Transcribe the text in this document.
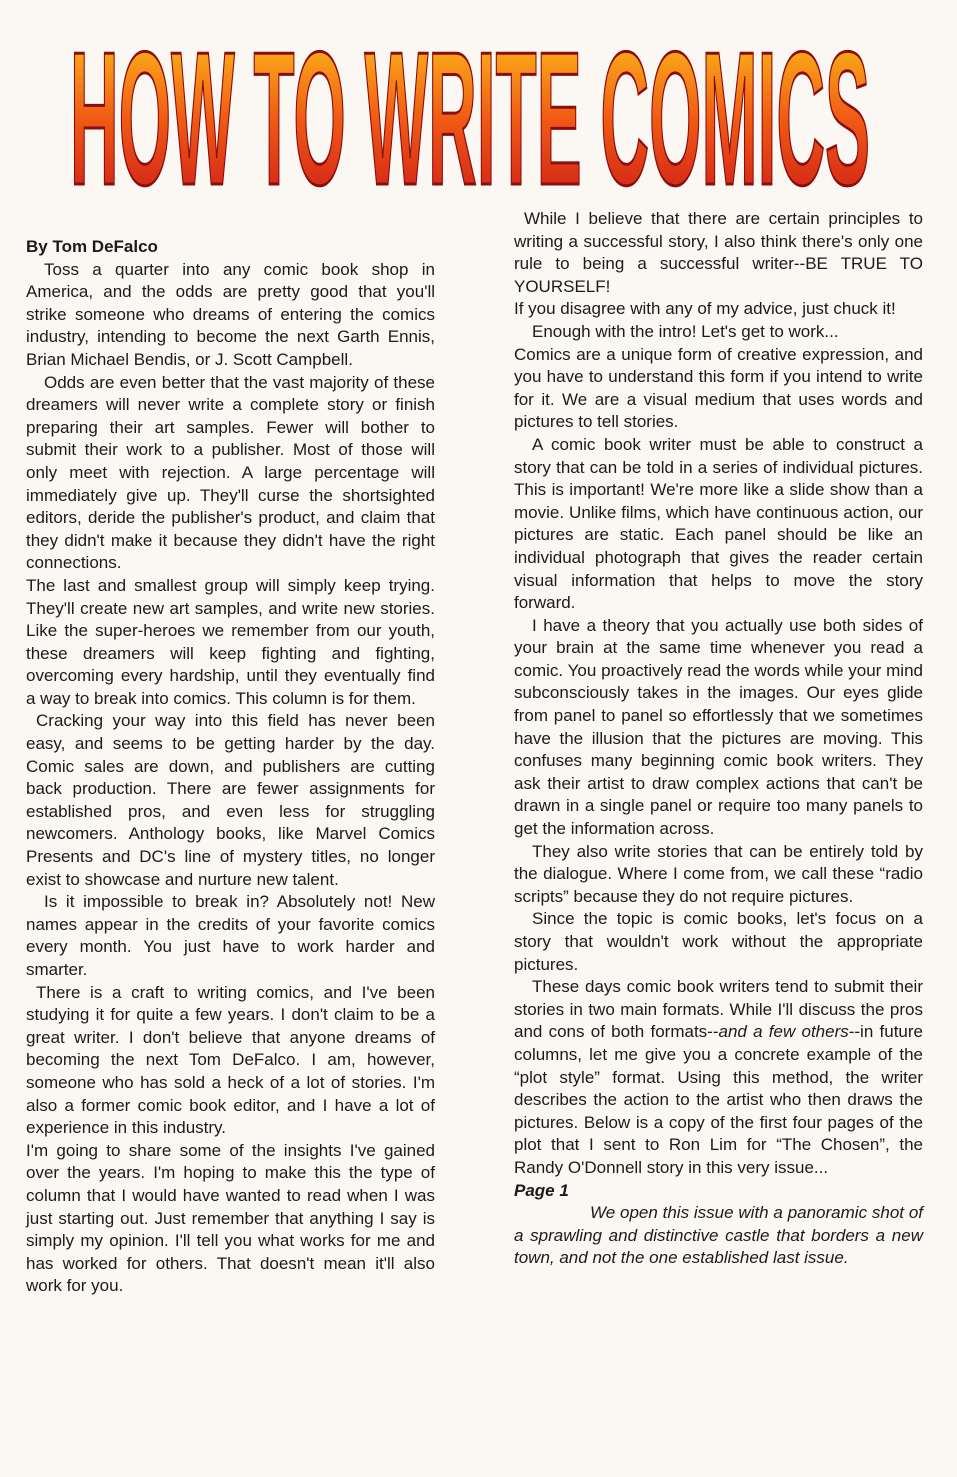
HOW TO WRITE COMICS

By Tom DeFalco

Toss a quarter into any comic book shop in America, and the odds are pretty good that you'll strike someone who dreams of entering the comics industry, intending to become the next Garth Ennis, Brian Michael Bendis, or J. Scott Campbell.

Odds are even better that the vast majority of these dreamers will never write a complete story or finish preparing their art samples. Fewer will bother to submit their work to a publisher. Most of those will only meet with rejection. A large percentage will immediately give up. They'll curse the shortsighted editors, deride the publisher's product, and claim that they didn't make it because they didn't have the right connections.

The last and smallest group will simply keep trying. They'll create new art samples, and write new stories. Like the super-heroes we remember from our youth, these dreamers will keep fighting and fighting, overcoming every hardship, until they eventually find a way to break into comics. This column is for them.

Cracking your way into this field has never been easy, and seems to be getting harder by the day. Comic sales are down, and publishers are cutting back production. There are fewer assignments for established pros, and even less for struggling newcomers. Anthology books, like Marvel Comics Presents and DC's line of mystery titles, no longer exist to showcase and nurture new talent.

Is it impossible to break in? Absolutely not! New names appear in the credits of your favorite comics every month. You just have to work harder and smarter.

There is a craft to writing comics, and I've been studying it for quite a few years. I don't claim to be a great writer. I don't believe that anyone dreams of becoming the next Tom DeFalco. I am, however, someone who has sold a heck of a lot of stories. I'm also a former comic book editor, and I have a lot of experience in this industry.

I'm going to share some of the insights I've gained over the years. I'm hoping to make this the type of column that I would have wanted to read when I was just starting out. Just remember that anything I say is simply my opinion. I'll tell you what works for me and has worked for others. That doesn't mean it'll also work for you.

While I believe that there are certain principles to writing a successful story, I also think there's only one rule to being a successful writer--BE TRUE TO YOURSELF!

If you disagree with any of my advice, just chuck it!

Enough with the intro! Let's get to work...

Comics are a unique form of creative expression, and you have to understand this form if you intend to write for it. We are a visual medium that uses words and pictures to tell stories.

A comic book writer must be able to construct a story that can be told in a series of individual pictures. This is important! We're more like a slide show than a movie. Unlike films, which have continuous action, our pictures are static. Each panel should be like an individual photograph that gives the reader certain visual information that helps to move the story forward.

I have a theory that you actually use both sides of your brain at the same time whenever you read a comic. You proactively read the words while your mind subconsciously takes in the images. Our eyes glide from panel to panel so effortlessly that we sometimes have the illusion that the pictures are moving. This confuses many beginning comic book writers. They ask their artist to draw complex actions that can't be drawn in a single panel or require too many panels to get the information across.

They also write stories that can be entirely told by the dialogue. Where I come from, we call these “radio scripts” because they do not require pictures.

Since the topic is comic books, let's focus on a story that wouldn't work without the appropriate pictures.

These days comic book writers tend to submit their stories in two main formats. While I'll discuss the pros and cons of both formats--and a few others--in future columns, let me give you a concrete example of the “plot style” format. Using this method, the writer describes the action to the artist who then draws the pictures. Below is a copy of the first four pages of the plot that I sent to Ron Lim for “The Chosen”, the Randy O'Donnell story in this very issue...

Page 1

We open this issue with a panoramic shot of a sprawling and distinctive castle that borders a new town, and not the one established last issue.
